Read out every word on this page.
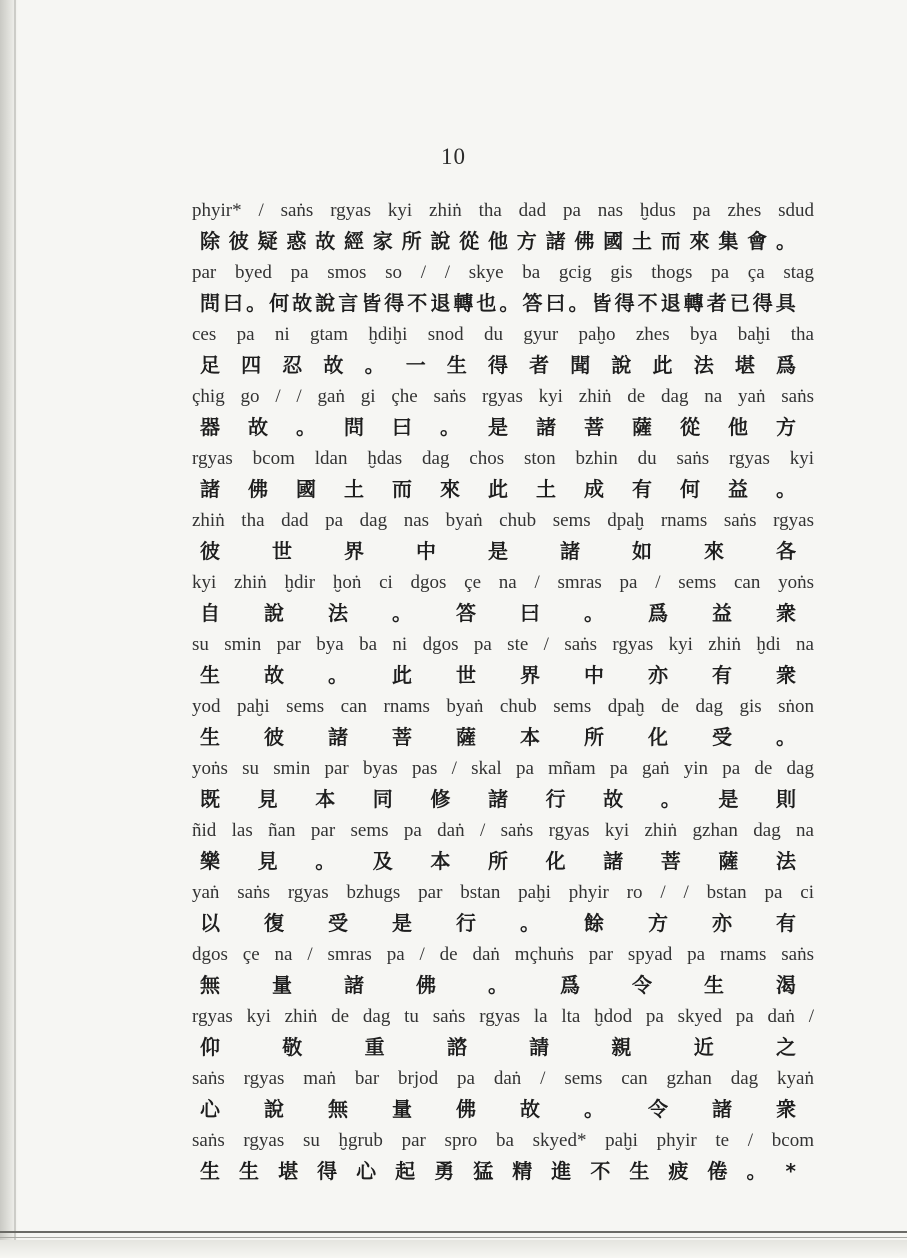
10
phyir* / saṅs rgyas kyi zhiṅ tha dad pa nas ḫdus pa zhes sdud
除 彼 疑 惑 故 經 家 所 說 從 他 方 諸 佛 國 土 而 來 集 會 。
par byed pa smos so / / skye ba gcig gis thogs pa ça stag
問 曰 。 何 故 說 言 皆 得 不 退 轉 也 。 答 曰 。 皆 得 不 退 轉 者 已 得 具
ces pa ni gtam ḫdiḫi snod du gyur paḫo zhes bya baḫi tha
足 四 忍 故 。 一 生 得 者 聞 說 此 法 堪 爲
çhig go / / gaṅ gi çhe saṅs rgyas kyi zhiṅ de dag na yaṅ saṅs
器 故 。 問 曰 。 是 諸 菩 薩 從 他 方
rgyas bcom ldan ḫdas dag chos ston bzhin du saṅs rgyas kyi
諸 佛 國 土 而 來 此 土 成 有 何 益 。
zhiṅ tha dad pa dag nas byaṅ chub sems dpaḫ rnams saṅs rgyas
彼	世	界	中	是	諸	如	來	各
kyi zhiṅ ḫdir ḫoṅ ci dgos çe na / smras pa / sems can yoṅs
自 說 法 。 答 曰 。 爲 益 衆
su smin par bya ba ni dgos pa ste / saṅs rgyas kyi zhiṅ ḫdi na
生 故 。 此 世 界 中 亦 有 衆
yod paḫi sems can rnams byaṅ chub sems dpaḫ de dag gis sṅon
生 彼 諸 菩 薩 本 所 化 受 。
yoṅs su smin par byas pas / skal pa mñam pa gaṅ yin pa de dag
既 見 本 同 修 諸 行 故 。 是 則
ñid las ñan par sems pa daṅ / saṅs rgyas kyi zhiṅ gzhan dag na
樂 見 。 及 本 所 化 諸 菩 薩 法
yaṅ saṅs rgyas bzhugs par bstan paḫi phyir ro / / bstan pa ci
以 復 受 是 行 。 餘 方 亦 有
dgos çe na / smras pa / de daṅ mçhuṅs par spyad pa rnams saṅs
無	量	諸	佛	。	爲	令	生	渴
rgyas kyi zhiṅ de dag tu saṅs rgyas la lta ḫdod pa skyed pa daṅ /
仰	敬	重	諮	請	親	近	之
saṅs rgyas maṅ bar brjod pa daṅ / sems can gzhan dag kyaṅ
心 說 無 量 佛 故 。 令 諸 衆
saṅs rgyas su ḫgrub par spro ba skyed* paḫi phyir te / bcom
生 生 堪 得 心 起 勇 猛 精 進 不 生 疲 倦 。 *
